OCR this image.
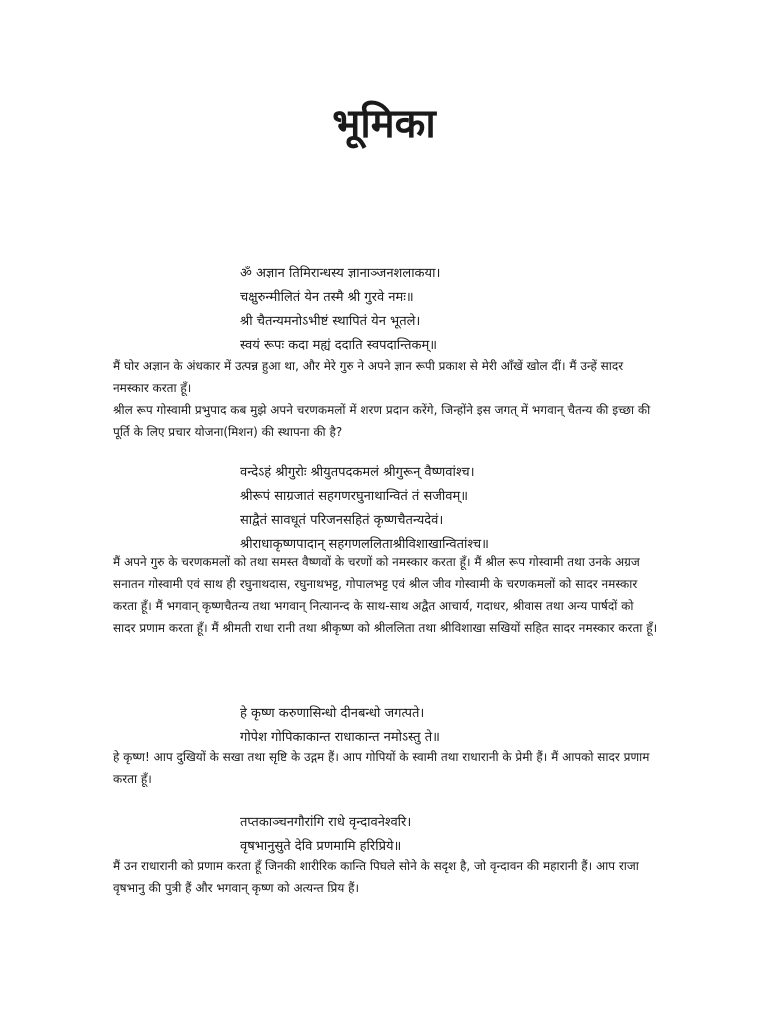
भूमिका
ॐ अज्ञान तिमिरान्धस्य ज्ञानाञ्जनशलाकया।
चक्षुरुन्मीलितं येन तस्मै श्री गुरवे नमः॥
श्री चैतन्यमनोऽभीष्टं स्थापितं येन भूतले।
स्वयं रूपः कदा मह्यं ददाति स्वपदान्तिकम्॥

मैं घोर अज्ञान के अंधकार में उत्पन्न हुआ था, और मेरे गुरु ने अपने ज्ञान रूपी प्रकाश से मेरी आँखें खोल दीं। मैं उन्हें सादर नमस्कार करता हूँ।

श्रील रूप गोस्वामी प्रभुपाद कब मुझे अपने चरणकमलों में शरण प्रदान करेंगे, जिन्होंने इस जगत् में भगवान् चैतन्य की इच्छा की पूर्ति के लिए प्रचार योजना(मिशन) की स्थापना की है?

वन्देऽहं श्रीगुरोः श्रीयुतपदकमलं श्रीगुरून् वैष्णवांश्च।
श्रीरूपं साग्रजातं सहगणरघुनाथान्वितं तं सजीवम्॥
साद्वैतं सावधूतं परिजनसहितं कृष्णचैतन्यदेवं।
श्रीराधाकृष्णपादान् सहगणललिताश्रीविशाखान्वितांश्च॥

मैं अपने गुरु के चरणकमलों को तथा समस्त वैष्णवों के चरणों को नमस्कार करता हूँ। मैं श्रील रूप गोस्वामी तथा उनके अग्रज सनातन गोस्वामी एवं साथ ही रघुनाथदास, रघुनाथभट्ट, गोपालभट्ट एवं श्रील जीव गोस्वामी के चरणकमलों को सादर नमस्कार करता हूँ। मैं भगवान् कृष्णचैतन्य तथा भगवान् नित्यानन्द के साथ-साथ अद्वैत आचार्य, गदाधर, श्रीवास तथा अन्य पार्षदों को सादर प्रणाम करता हूँ। मैं श्रीमती राधा रानी तथा श्रीकृष्ण को श्रीललिता तथा श्रीविशाखा सखियों सहित सादर नमस्कार करता हूँ।

हे कृष्ण करुणासिन्धो दीनबन्धो जगत्पते।
गोपेश गोपिकाकान्त राधाकान्त नमोऽस्तु ते॥

हे कृष्ण! आप दुखियों के सखा तथा सृष्टि के उद्गम हैं। आप गोपियों के स्वामी तथा राधारानी के प्रेमी हैं। मैं आपको सादर प्रणाम करता हूँ।

तप्तकाञ्चनगौरांगि राधे वृन्दावनेश्वरि।
वृषभानुसुते देवि प्रणमामि हरिप्रिये॥

मैं उन राधारानी को प्रणाम करता हूँ जिनकी शारीरिक कान्ति पिघले सोने के सदृश है, जो वृन्दावन की महारानी हैं। आप राजा वृषभानु की पुत्री हैं और भगवान् कृष्ण को अत्यन्त प्रिय हैं।
